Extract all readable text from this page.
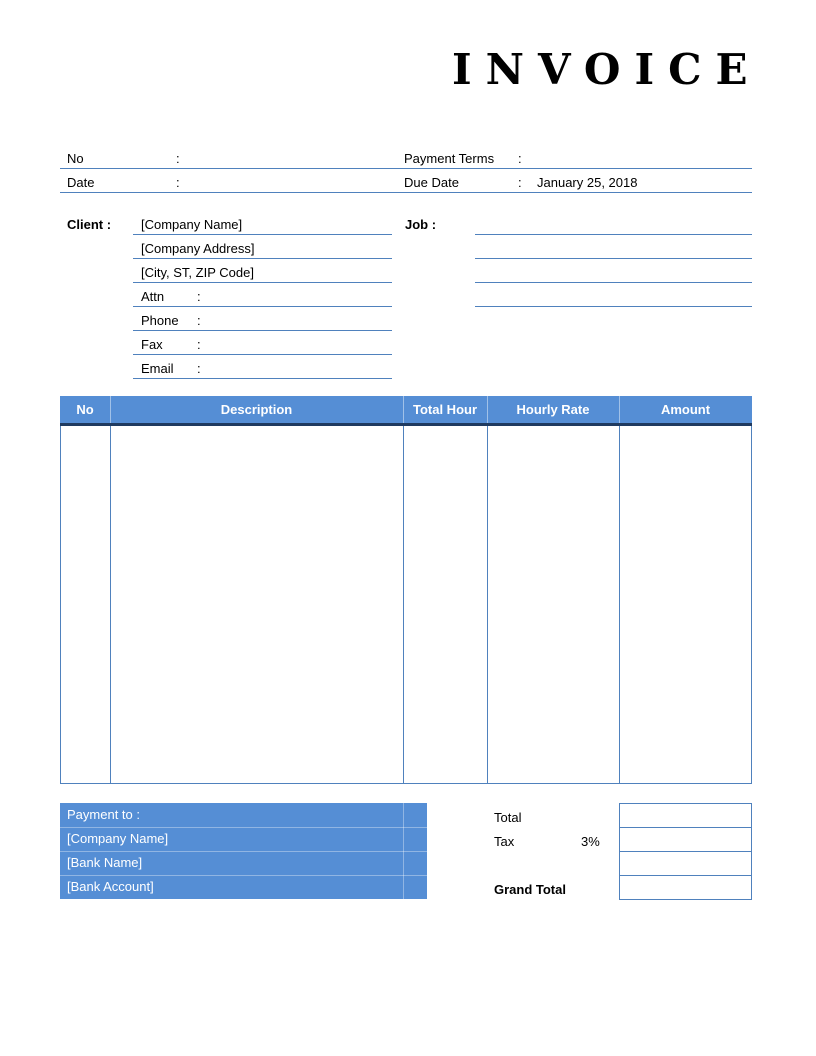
INVOICE
No	:	Payment Terms :
Date	:	Due Date	: January 25, 2018
Client : [Company Name]
[Company Address]
[City, ST, ZIP Code]
Attn	:
Phone :
Fax	:
Email :
Job :
No	Description	Total Hour	Hourly Rate	Amount
Payment to :
[Company Name]
[Bank Name]
[Bank Account]
Total
Tax	3%
Grand Total
